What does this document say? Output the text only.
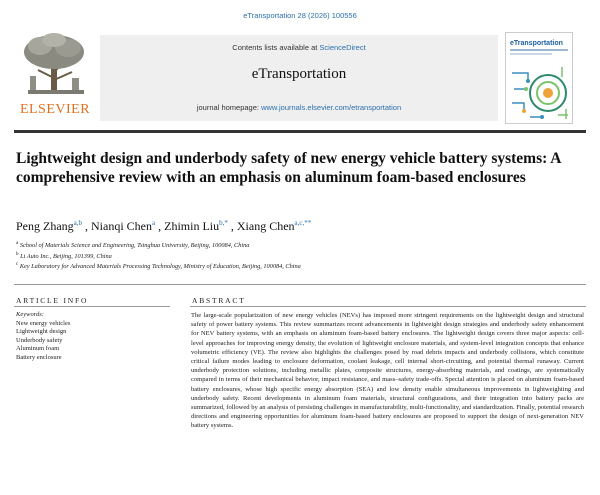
eTransportation 28 (2026) 100556
ELSEVIER
Contents lists available at ScienceDirect
eTransportation
journal homepage: www.journals.elsevier.com/etransportation
eTransportation
Lightweight design and underbody safety of new energy vehicle battery systems: A comprehensive review with an emphasis on aluminum foam-based enclosures
Peng Zhang$^{a,b}$ , Nianqi Chen$^a$ , Zhimin Liu$^{b,*}$ , Xiang Chen$^{a,c,**}$
$^a$ School of Materials Science and Engineering, Tsinghua University, Beijing, 100084, China
$^b$ Li Auto Inc., Beijing, 101399, China
$^c$ Key Laboratory for Advanced Materials Processing Technology, Ministry of Education, Beijing, 100084, China
ARTICLE INFO	ABSTRACT
Keywords:
New energy vehicles
Lightweight design
Underbody safety
Aluminum foam
Battery enclosure

The large-scale popularization of new energy vehicles (NEVs) has imposed more stringent requirements on the lightweight design and structural safety of power battery systems. This review summarizes recent advancements in lightweight design strategies and underbody safety enhancement for NEV battery systems, with an emphasis on aluminum foam-based battery enclosures. The lightweight design covers three major aspects: cell-level approaches for improving energy density, the evolution of lightweight enclosure materials, and system-level integration concepts that enhance volumetric efficiency (VE). The review also highlights the challenges posed by road debris impacts and underbody collisions, which constitute critical failure modes leading to enclosure deformation, coolant leakage, cell internal short-circuiting, and potential thermal runaway. Current underbody protection solutions, including metallic plates, composite structures, energy-absorbing materials, and coatings, are systematically compared in terms of their mechanical behavior, impact resistance, and mass–safety trade-offs. Special attention is placed on aluminum foam-based battery enclosures, whose high specific energy absorption (SEA) and low density enable simultaneous improvements in lightweighting and underbody safety. Recent developments in aluminum foam materials, structural configurations, and their integration into battery packs are summarized, followed by an analysis of persisting challenges in manufacturability, multi-functionality, and standardization. Finally, potential research directions and engineering opportunities for aluminum foam-based battery enclosures are proposed to support the design of next-generation NEV battery systems.
